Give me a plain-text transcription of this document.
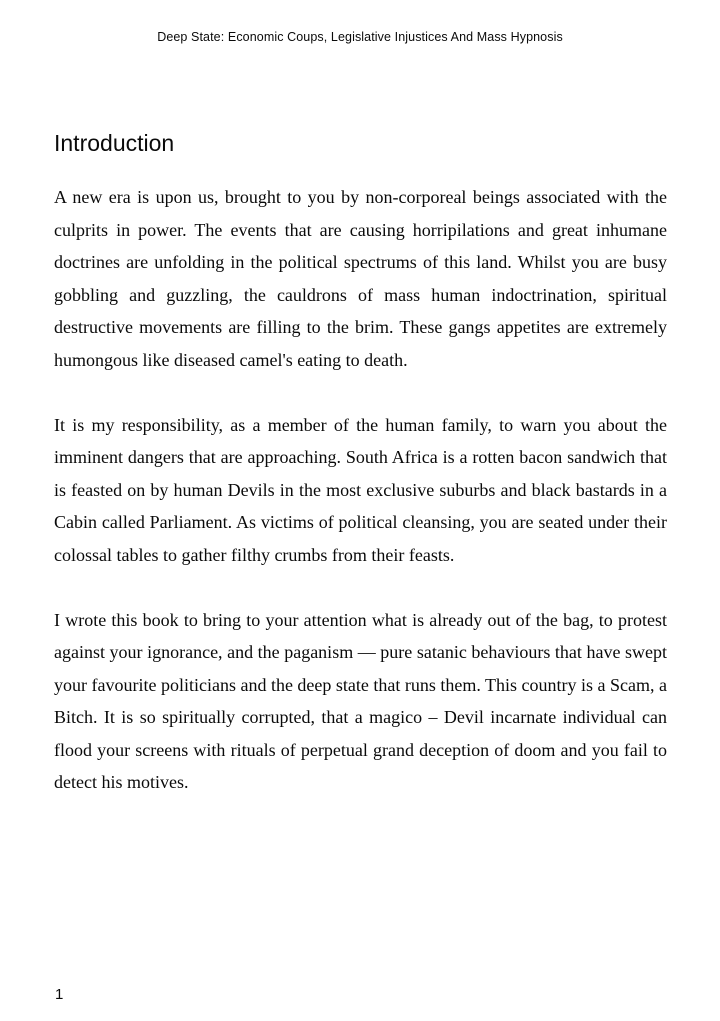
Deep State: Economic Coups, Legislative Injustices And Mass Hypnosis
Introduction

A new era is upon us, brought to you by non-corporeal beings associated with the culprits in power. The events that are causing horripilations and great inhumane doctrines are unfolding in the political spectrums of this land. Whilst you are busy gobbling and guzzling, the cauldrons of mass human indoctrination, spiritual destructive movements are filling to the brim. These gangs appetites are extremely humongous like diseased camel's eating to death.

It is my responsibility, as a member of the human family, to warn you about the imminent dangers that are approaching. South Africa is a rotten bacon sandwich that is feasted on by human Devils in the most exclusive suburbs and black bastards in a Cabin called Parliament. As victims of political cleansing, you are seated under their colossal tables to gather filthy crumbs from their feasts.

I wrote this book to bring to your attention what is already out of the bag, to protest against your ignorance, and the paganism — pure satanic behaviours that have swept your favourite politicians and the deep state that runs them. This country is a Scam, a Bitch. It is so spiritually corrupted, that a magico – Devil incarnate individual can flood your screens with rituals of perpetual grand deception of doom and you fail to detect his motives.

1
